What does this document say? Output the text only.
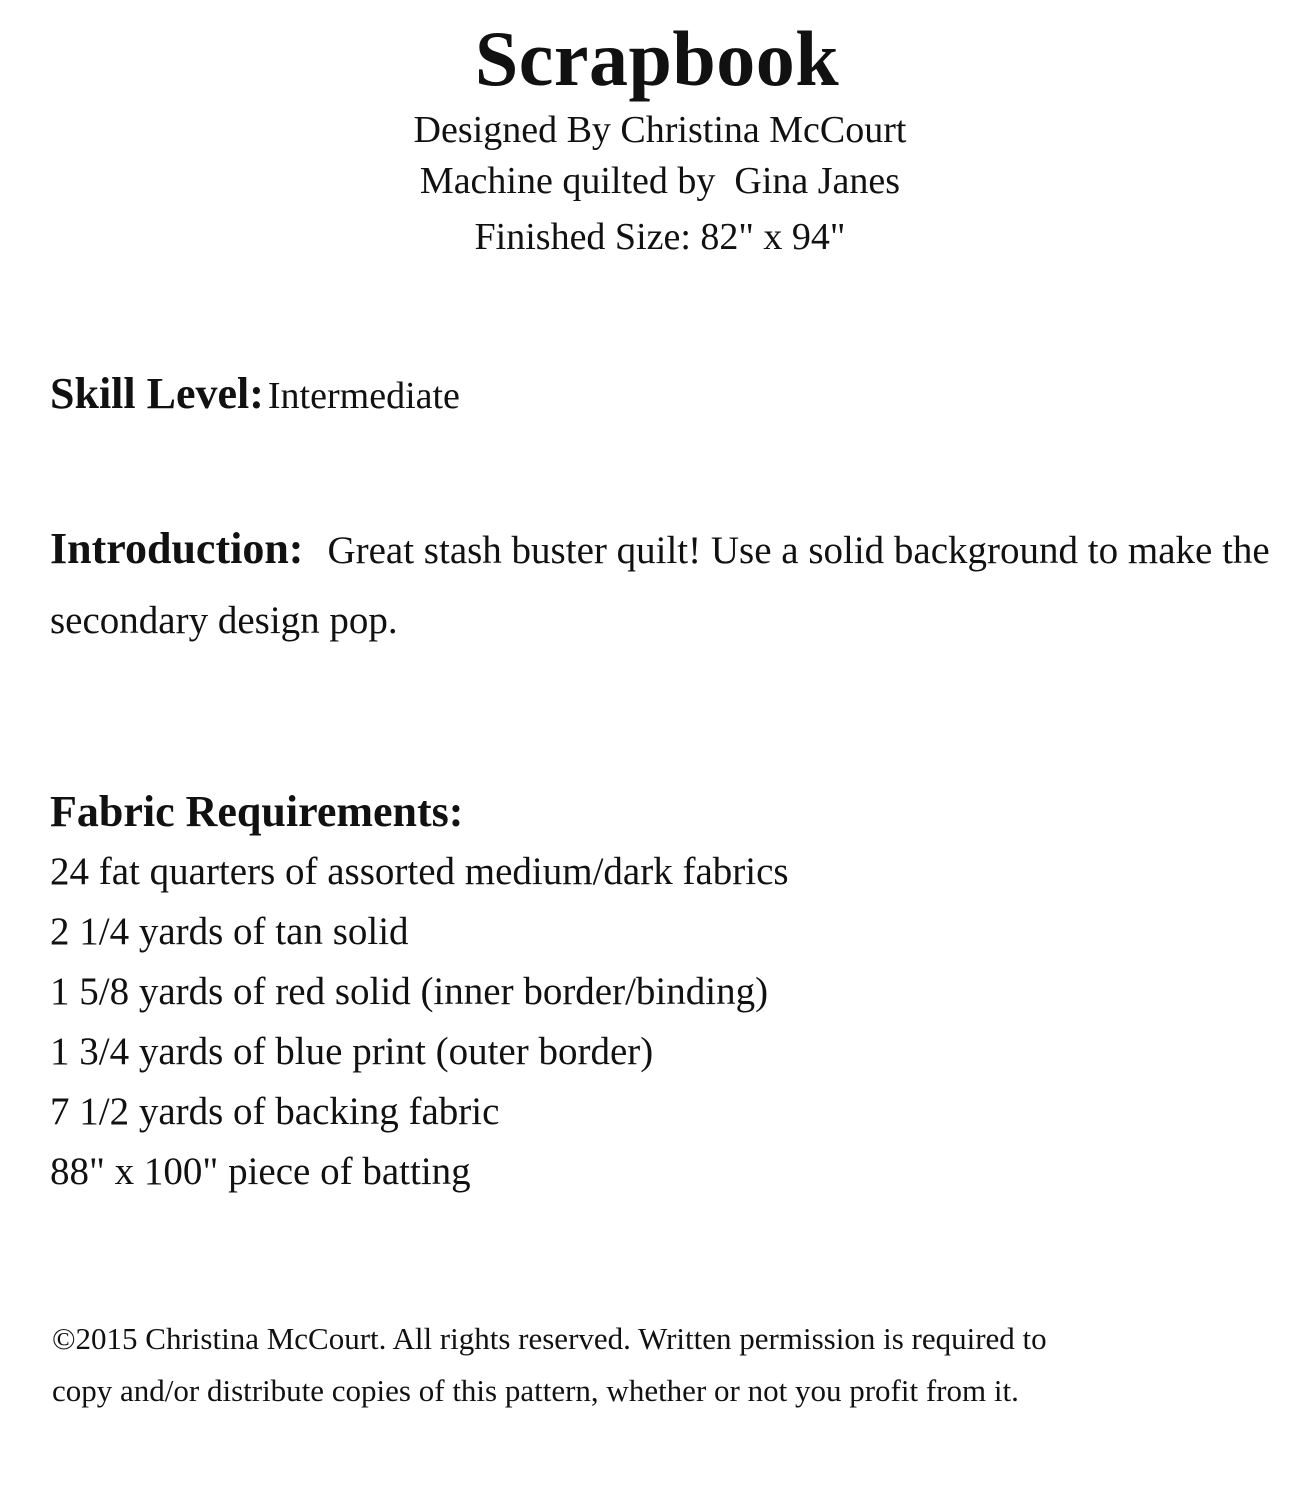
Scrapbook
Designed By Christina McCourt
Machine quilted by  Gina Janes
Finished Size: 82" x 94"
Skill Level: Intermediate
Introduction: Great stash buster quilt! Use a solid background to make the secondary design pop.
Fabric Requirements:
24 fat quarters of assorted medium/dark fabrics
2 1/4 yards of tan solid
1 5/8 yards of red solid (inner border/binding)
1 3/4 yards of blue print (outer border)
7 1/2 yards of backing fabric
88" x 100" piece of batting
©2015 Christina McCourt. All rights reserved. Written permission is required to
copy and/or distribute copies of this pattern, whether or not you profit from it.
